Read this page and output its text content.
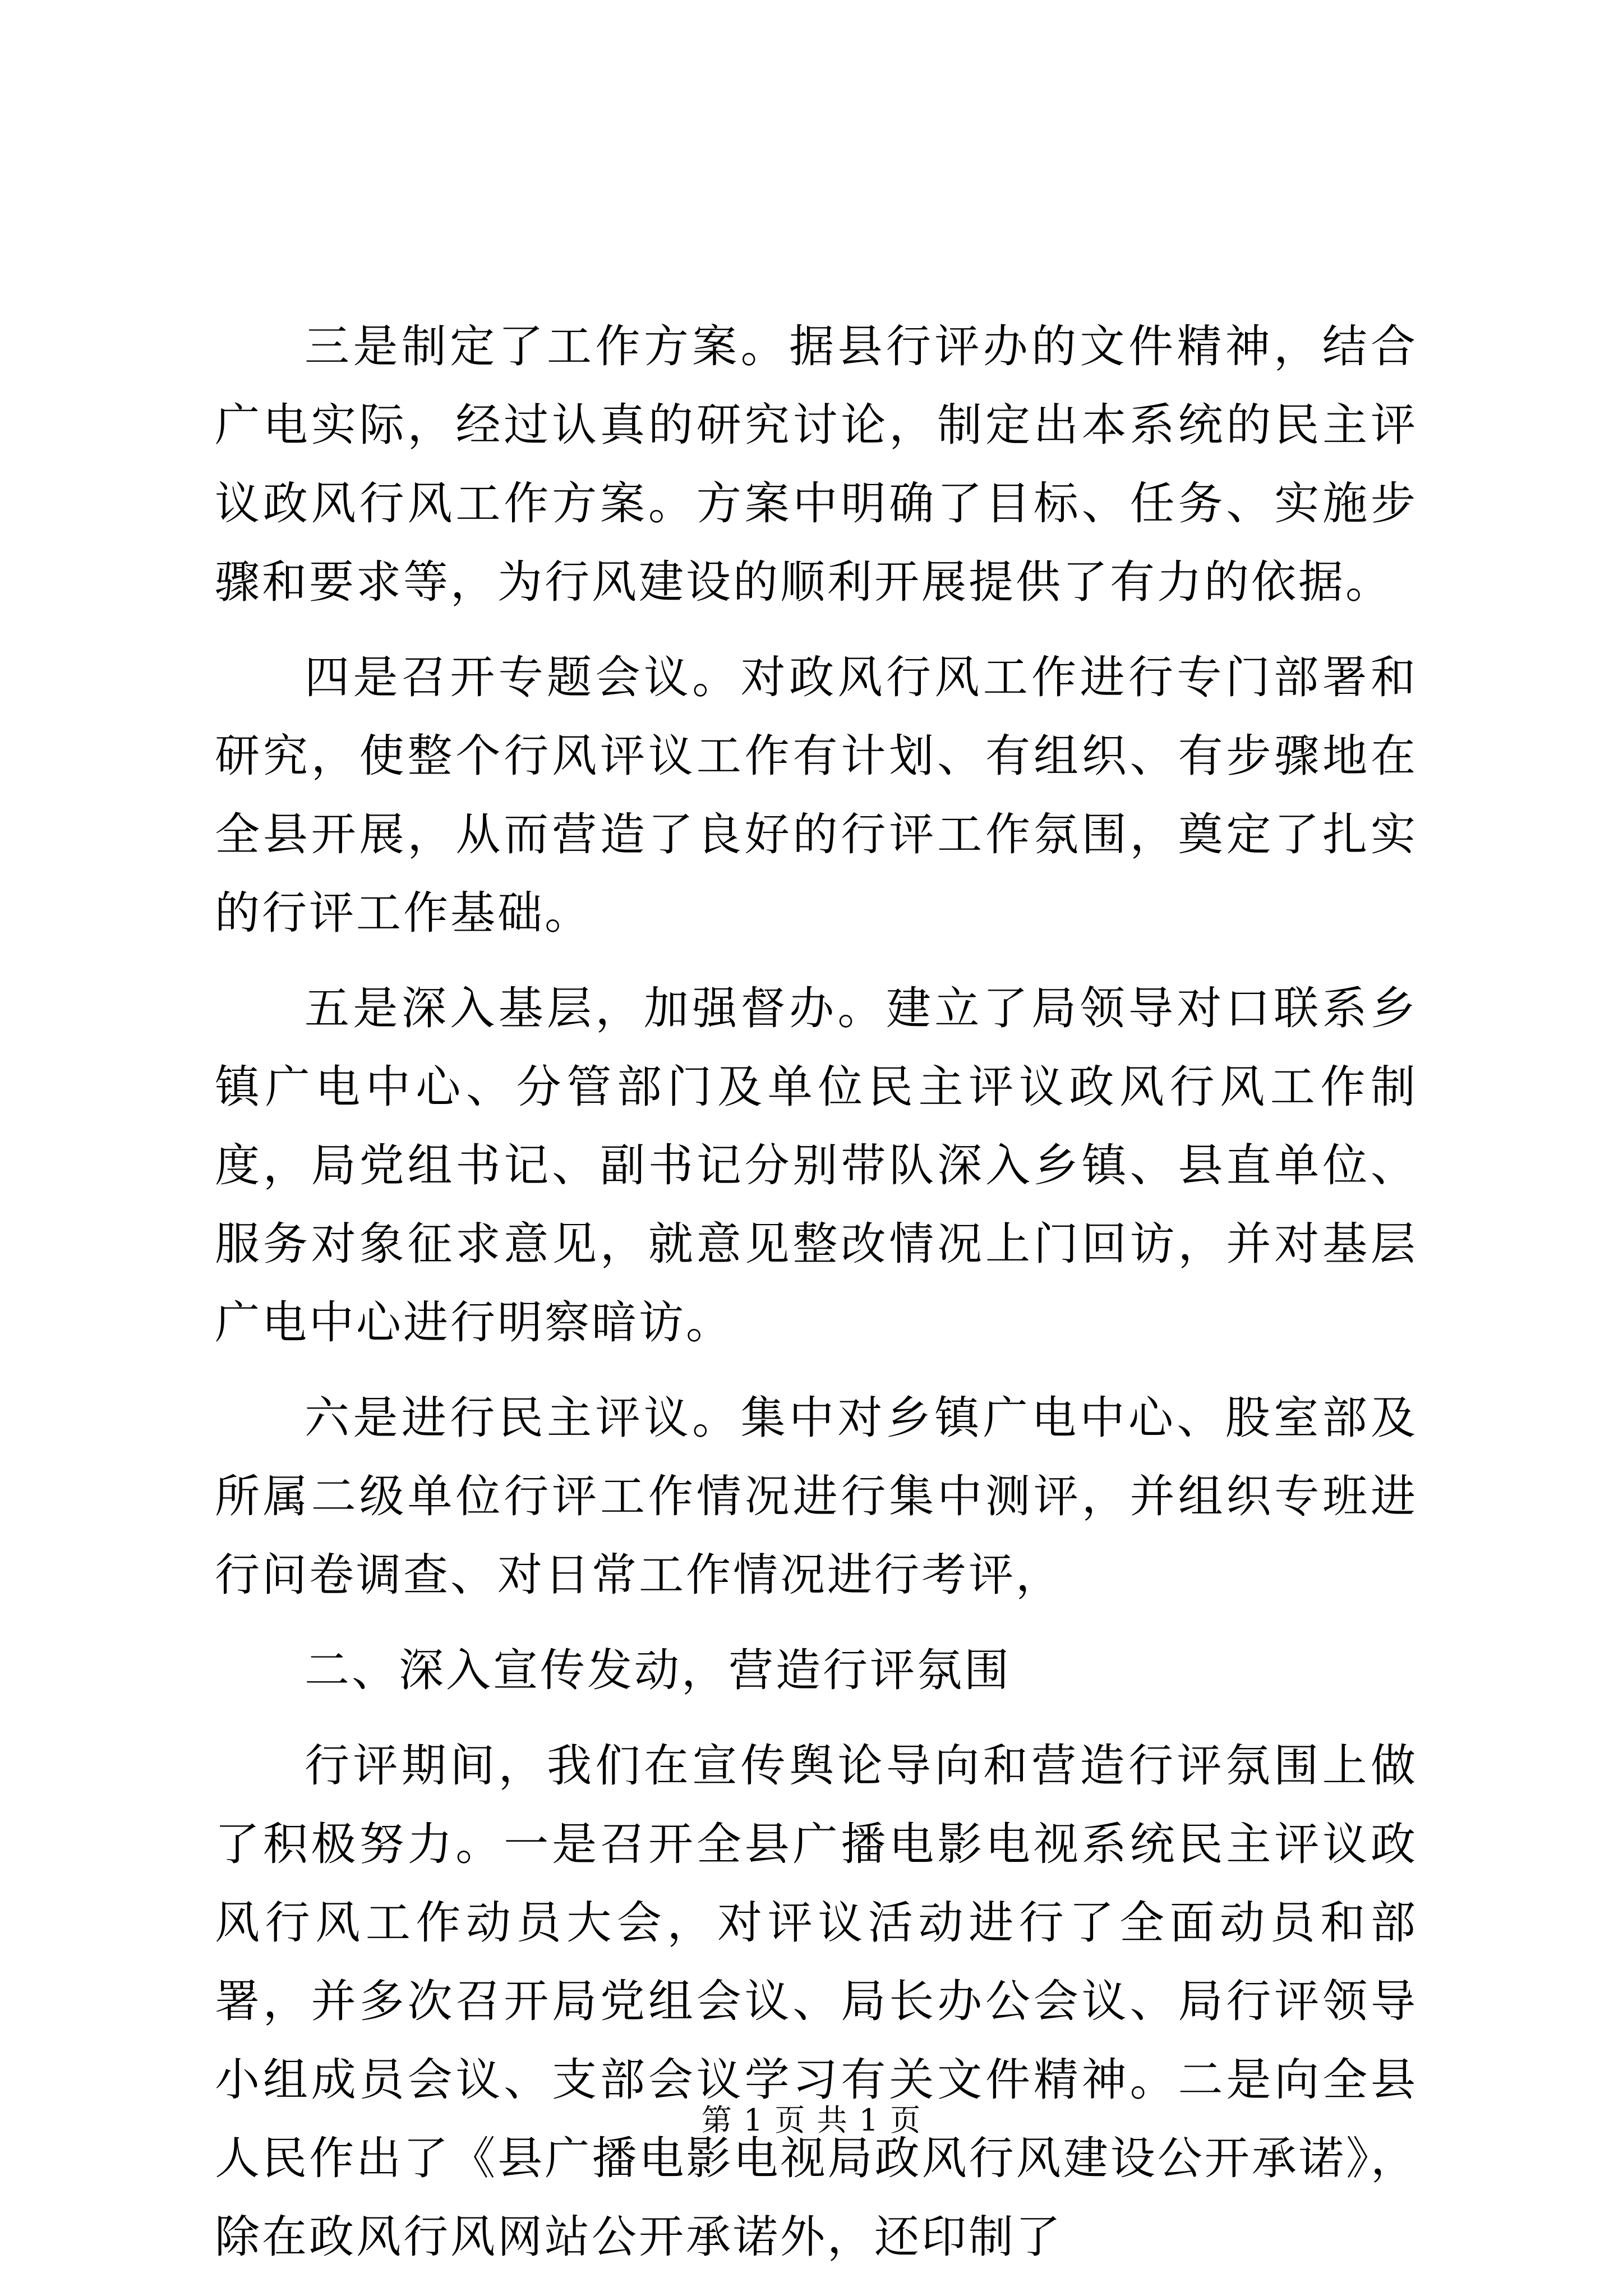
三是制定了工作方案。据县行评办的文件精神，结合广电实际，经过认真的研究讨论，制定出本系统的民主评议政风行风工作方案。方案中明确了目标、任务、实施步骤和要求等，为行风建设的顺利开展提供了有力的依据。

四是召开专题会议。对政风行风工作进行专门部署和研究，使整个行风评议工作有计划、有组织、有步骤地在全县开展，从而营造了良好的行评工作氛围，奠定了扎实的行评工作基础。

五是深入基层，加强督办。建立了局领导对口联系乡镇广电中心、分管部门及单位民主评议政风行风工作制度，局党组书记、副书记分别带队深入乡镇、县直单位、服务对象征求意见，就意见整改情况上门回访，并对基层广电中心进行明察暗访。

六是进行民主评议。集中对乡镇广电中心、股室部及所属二级单位行评工作情况进行集中测评，并组织专班进行问卷调查、对日常工作情况进行考评，

二、深入宣传发动，营造行评氛围

行评期间，我们在宣传舆论导向和营造行评氛围上做了积极努力。一是召开全县广播电影电视系统民主评议政风行风工作动员大会，对评议活动进行了全面动员和部署，并多次召开局党组会议、局长办公会议、局行评领导小组成员会议、支部会议学习有关文件精神。二是向全县人民作出了《县广播电影电视局政风行风建设公开承诺》，除在政风行风网站公开承诺外，还印制了

第 1 页 共 1 页
